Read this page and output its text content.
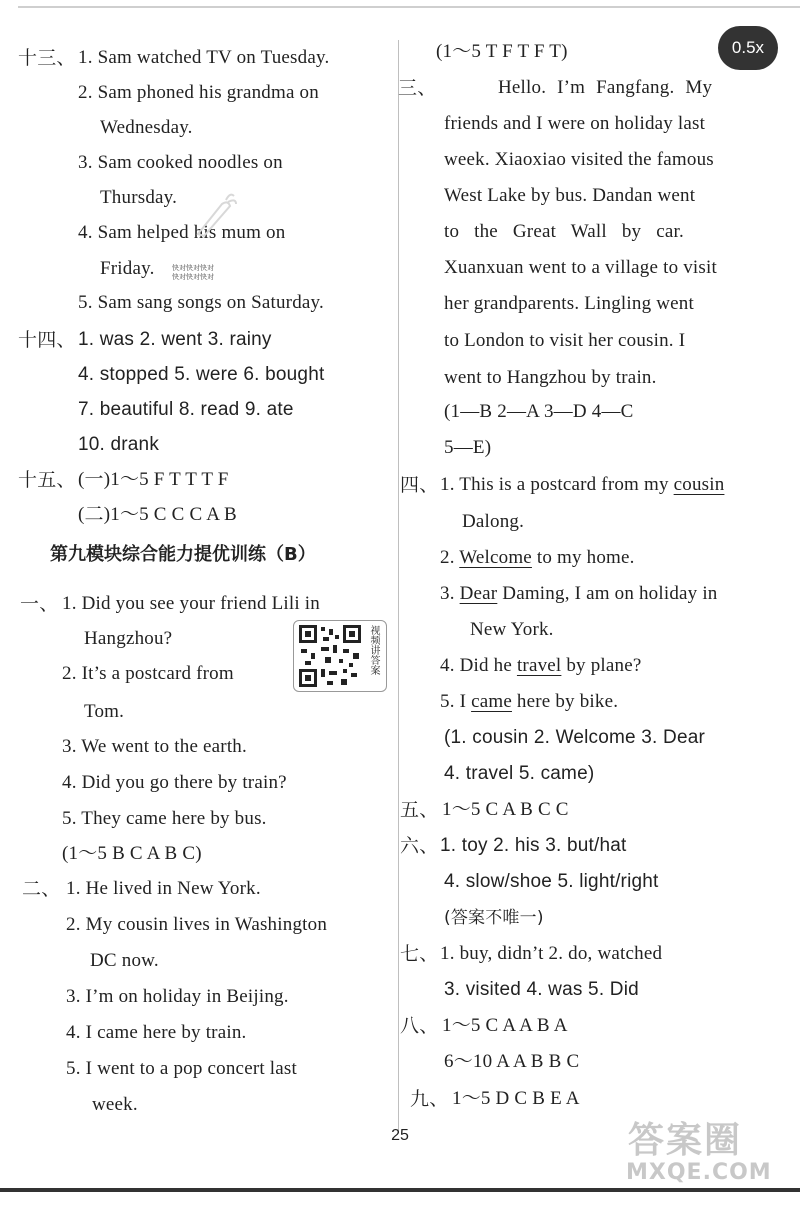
十三、 1. Sam watched TV on Tuesday.
2. Sam phoned his grandma on
Wednesday.
3. Sam cooked noodles on
Thursday.
4. Sam helped his mum on
Friday. 快对快对快对
快对快对快对
5. Sam sang songs on Saturday.
十四、 1. was 2. went 3. rainy
4. stopped 5. were 6. bought
7. beautiful 8. read 9. ate
10. drank
十五、 (一)1～5 F T T T F
(二)1～5 C C C A B
第九模块综合能力提优训练（B）
一、 1. Did you see your friend Lili in
Hangzhou?
2. It’s a postcard from
Tom.
视频讲答案
3. We went to the earth.
4. Did you go there by train?
5. They came here by bus.
(1～5 B C A B C)
二、 1. He lived in New York.
2. My cousin lives in Washington
DC now.
3. I’m on holiday in Beijing.
4. I came here by train.
5. I went to a pop concert last
week.
(1～5 T F T F T)
三、	Hello. I’m Fangfang. My
friends and I were on holiday last
week. Xiaoxiao visited the famous
West Lake by bus. Dandan went
to the Great Wall by car.
Xuanxuan went to a village to visit
her grandparents. Lingling went
to London to visit her cousin. I
went to Hangzhou by train.
(1—B 2—A 3—D 4—C
5—E)
四、 1. This is a postcard from my cousin
Dalong.
2. Welcome to my home.
3. Dear Daming, I am on holiday in
New York.
4. Did he travel by plane?
5. I came here by bike.
(1. cousin 2. Welcome 3. Dear
4. travel 5. came)
五、 1～5 C A B C C
六、 1. toy 2. his 3. but/hat
4. slow/shoe 5. light/right
(答案不唯一)
七、 1. buy, didn’t 2. do, watched
3. visited 4. was 5. Did
八、 1～5 C A A B A
6～10 A A B B C
九、 1～5 D C B E A
0.5x
25	答案圈
MXQE.COM
